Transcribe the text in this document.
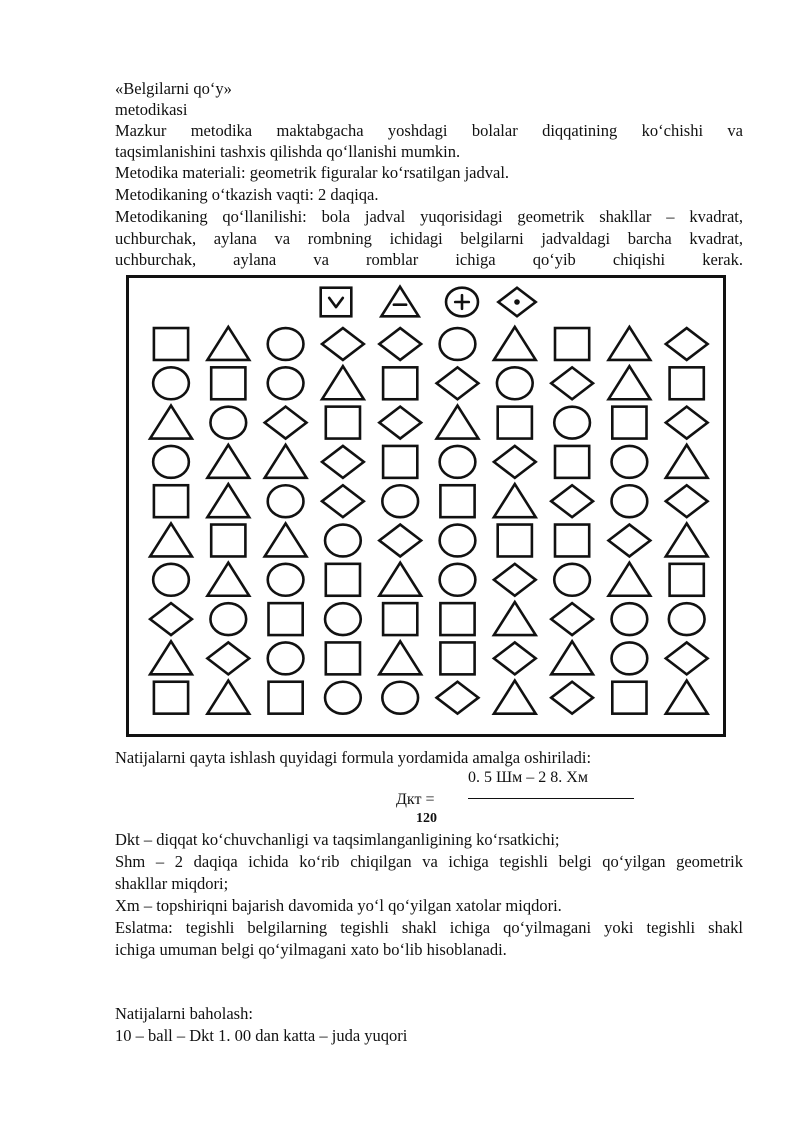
«Belgilarni qo‘y»
metodikasi
Mazkur metodika maktabgacha yoshdagi bolalar diqqatining ko‘chishi va
taqsimlanishini tashxis qilishda qo‘llanishi mumkin.
Metodika materiali: geometrik figuralar ko‘rsatilgan jadval.
Metodikaning o‘tkazish vaqti: 2 daqiqa.
Metodikaning qo‘llanilishi: bola jadval yuqorisidagi geometrik shakllar – kvadrat,
uchburchak, aylana va rombning ichidagi belgilarni jadvaldagi barcha kvadrat,
uchburchak, aylana va romblar ichiga qo‘yib chiqishi kerak.
Natijalarni qayta ishlash quyidagi formula yordamida amalga oshiriladi:
0. 5 Шм – 2 8. Хм
Дкт =
120
Dkt – diqqat ko‘chuvchanligi va taqsimlanganligining ko‘rsatkichi;
Shm – 2 daqiqa ichida ko‘rib chiqilgan va ichiga tegishli belgi qo‘yilgan geometrik
shakllar miqdori;
Xm – topshiriqni bajarish davomida yo‘l qo‘yilgan xatolar miqdori.
Eslatma: tegishli belgilarning tegishli shakl ichiga qo‘yilmagani yoki tegishli shakl
ichiga umuman belgi qo‘yilmagani xato bo‘lib hisoblanadi.
Natijalarni baholash:
10 – ball – Dkt 1. 00 dan katta – juda yuqori
